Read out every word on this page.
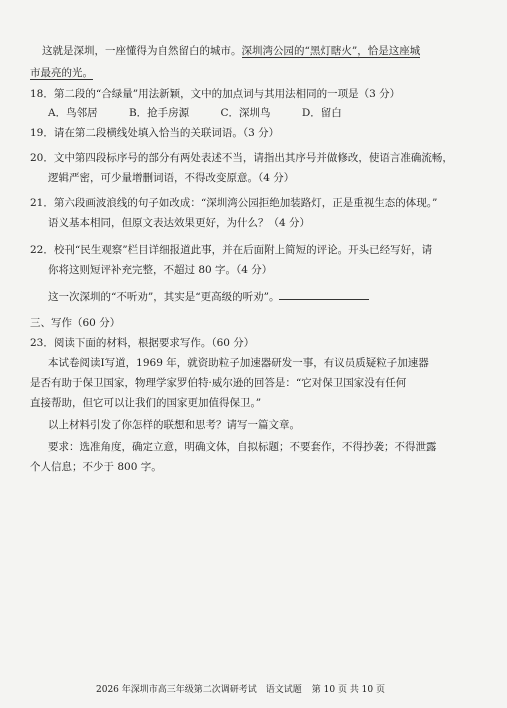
这就是深圳，一座懂得为自然留白的城市。深圳湾公园的“黑灯瞎火”，恰是这座城
市最亮的光。
18．第二段的“合绿量”用法新颖，文中的加点词与其用法相同的一项是（3 分）
A．鸟邻居	B．抢手房源	C．深圳鸟	D．留白
19．请在第二段横线处填入恰当的关联词语。（3 分）
20．文中第四段标序号的部分有两处表述不当，请指出其序号并做修改，使语言准确流畅，
逻辑严密，可少量增删词语，不得改变原意。（4 分）
21．第六段画波浪线的句子如改成：“深圳湾公园拒绝加装路灯，正是重视生态的体现。”
语义基本相同，但原文表达效果更好，为什么？（4 分）
22．校刊“民生观察”栏目详细报道此事，并在后面附上简短的评论。开头已经写好，请
你将这则短评补充完整，不超过 80 字。（4 分）
这一次深圳的“不听劝”，其实是“更高级的听劝”。
三、写作（60 分）
23．阅读下面的材料，根据要求写作。（60 分）
本试卷阅读Ⅰ写道，1969 年，就资助粒子加速器研发一事，有议员质疑粒子加速器
是否有助于保卫国家，物理学家罗伯特·威尔逊的回答是：“它对保卫国家没有任何
直接帮助，但它可以让我们的国家更加值得保卫。”
以上材料引发了你怎样的联想和思考？请写一篇文章。
要求：选准角度，确定立意，明确文体，自拟标题；不要套作，不得抄袭；不得泄露
个人信息；不少于 800 字。
2026 年深圳市高三年级第二次调研考试　语文试题 第 10 页 共 10 页
